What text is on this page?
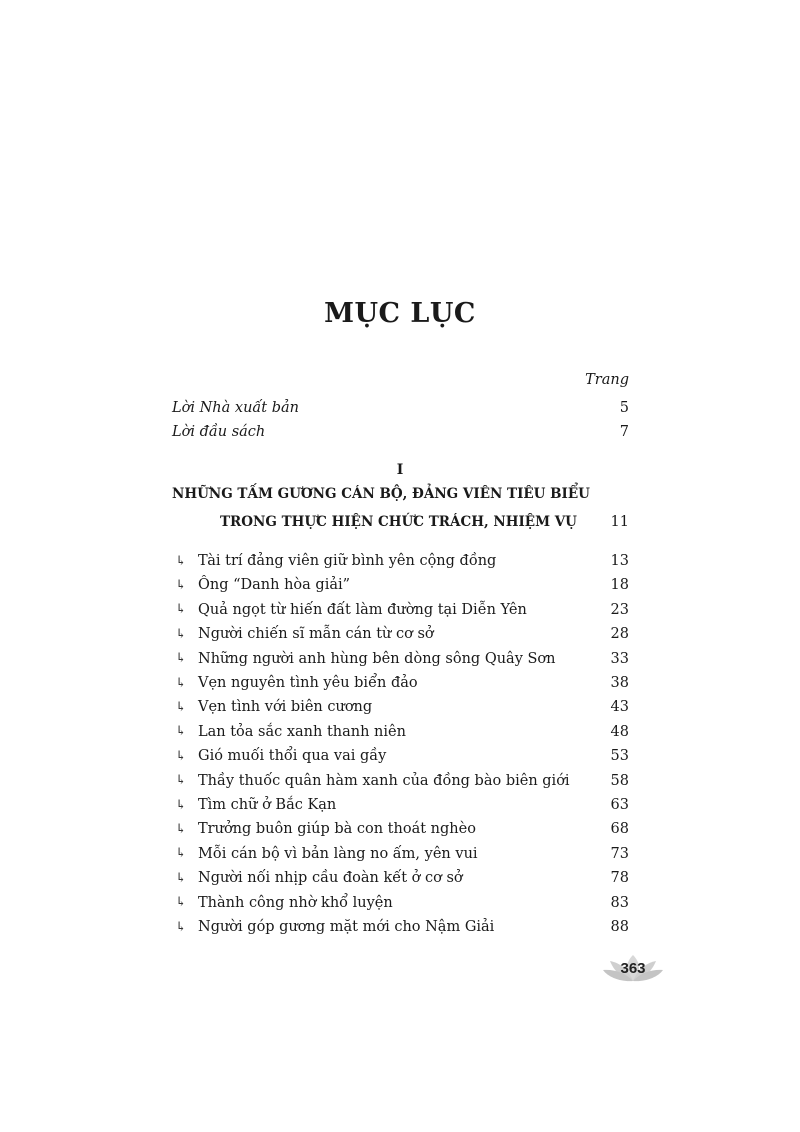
MỤC LỤC
Trang
Lời Nhà xuất bản	5
Lời đầu sách	7
I
NHỮNG TẤM GƯƠNG CÁN BỘ, ĐẢNG VIÊN TIÊU BIỂU
TRONG THỰC HIỆN CHỨC TRÁCH, NHIỆM VỤ 11
↳ Tài trí đảng viên giữ bình yên cộng đồng	13
↳ Ông “Danh hòa giải”	18
↳ Quả ngọt từ hiến đất làm đường tại Diễn Yên	23
↳ Người chiến sĩ mẫn cán từ cơ sở	28
↳ Những người anh hùng bên dòng sông Quây Sơn	33
↳ Vẹn nguyên tình yêu biển đảo	38
↳ Vẹn tình với biên cương	43
↳ Lan tỏa sắc xanh thanh niên	48
↳ Gió muối thổi qua vai gầy	53
↳ Thầy thuốc quân hàm xanh của đồng bào biên giới	58
↳ Tìm chữ ở Bắc Kạn	63
↳ Trưởng buôn giúp bà con thoát nghèo	68
↳ Mỗi cán bộ vì bản làng no ấm, yên vui	73
↳ Người nối nhịp cầu đoàn kết ở cơ sở	78
↳ Thành công nhờ khổ luyện	83
↳ Người góp gương mặt mới cho Nậm Giải	88
363
